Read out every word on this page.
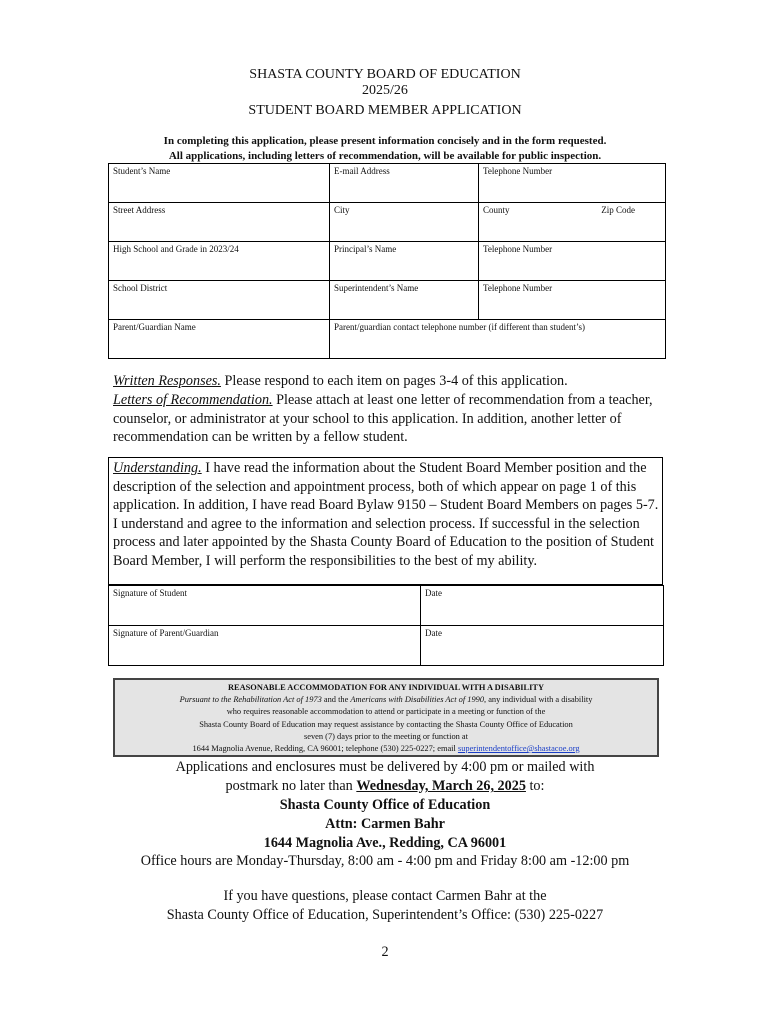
SHASTA COUNTY BOARD OF EDUCATION
2025/26
STUDENT BOARD MEMBER APPLICATION
In completing this application, please present information concisely and in the form requested.
All applications, including letters of recommendation, will be available for public inspection.
Student’s Name	E-mail Address	Telephone Number
Street Address	City	County Zip Code

High School and Grade in 2023/24	Principal’s Name	Telephone Number
School District	Superintendent’s Name	Telephone Number
Parent/Guardian Name	Parent/guardian contact telephone number (if different than student’s)	
Written Responses. Please respond to each item on pages 3-4 of this application.
Letters of Recommendation. Please attach at least one letter of recommendation from a teacher, counselor, or administrator at your school to this application. In addition, another letter of recommendation can be written by a fellow student.
Understanding. I have read the information about the Student Board Member position and the description of the selection and appointment process, both of which appear on page 1 of this application. In addition, I have read Board Bylaw 9150 – Student Board Members on pages 5-7. I understand and agree to the information and selection process. If successful in the selection process and later appointed by the Shasta County Board of Education to the position of Student Board Member, I will perform the responsibilities to the best of my ability.
Signature of Student	Date
Signature of Parent/Guardian	Date
REASONABLE ACCOMMODATION FOR ANY INDIVIDUAL WITH A DISABILITY
Pursuant to the Rehabilitation Act of 1973 and the Americans with Disabilities Act of 1990, any individual with a disability
who requires reasonable accommodation to attend or participate in a meeting or function of the
Shasta County Board of Education may request assistance by contacting the Shasta County Office of Education
seven (7) days prior to the meeting or function at
1644 Magnolia Avenue, Redding, CA 96001; telephone (530) 225-0227; email superintendentoffice@shastacoe.org
Applications and enclosures must be delivered by 4:00 pm or mailed with
postmark no later than Wednesday, March 26, 2025 to:
Shasta County Office of Education
Attn: Carmen Bahr
1644 Magnolia Ave., Redding, CA 96001
Office hours are Monday-Thursday, 8:00 am - 4:00 pm and Friday 8:00 am -12:00 pm
If you have questions, please contact Carmen Bahr at the
Shasta County Office of Education, Superintendent’s Office: (530) 225-0227
2
